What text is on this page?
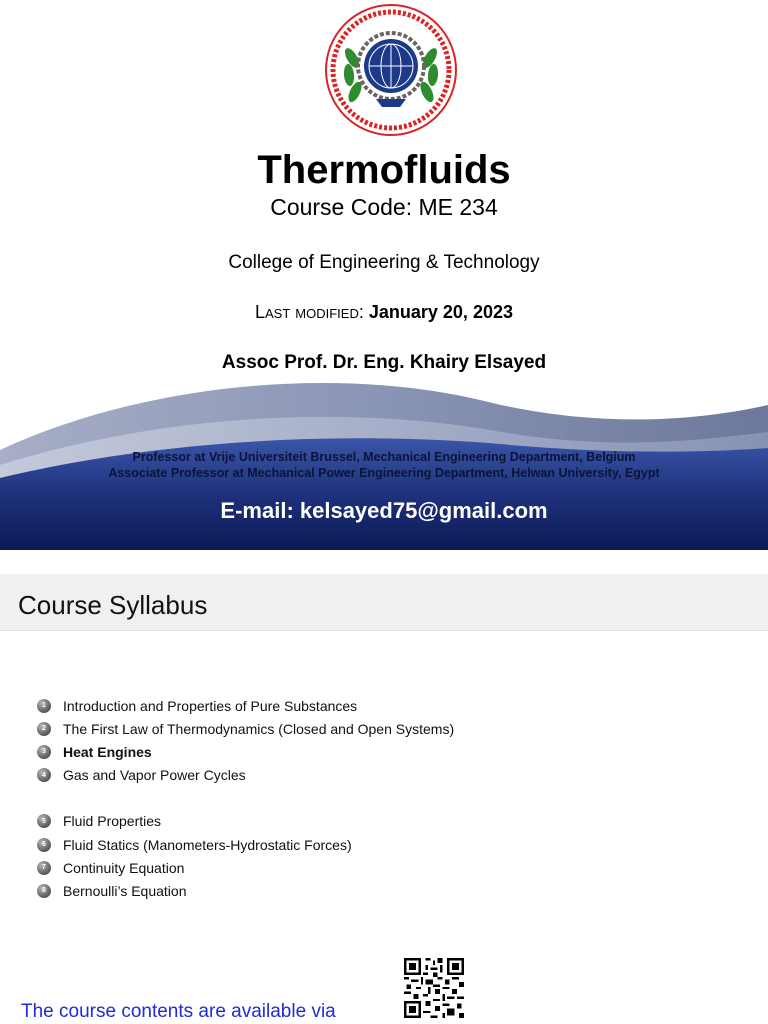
Thermofluids
Course Code: ME 234
College of Engineering & Technology
Last modified: January 20, 2023
Assoc Prof. Dr. Eng. Khairy Elsayed
Professor at Vrije Universiteit Brussel, Mechanical Engineering Department, Belgium
Associate Professor at Mechanical Power Engineering Department, Helwan University, Egypt
E-mail: kelsayed75@gmail.com
Course Syllabus
1	Introduction and Properties of Pure Substances
2	The First Law of Thermodynamics (Closed and Open Systems)
3	Heat Engines
4	Gas and Vapor Power Cycles
5	Fluid Properties
6	Fluid Statics (Manometers-Hydrostatic Forces)
7	Continuity Equation
8	Bernoulli’s Equation
The course contents are available via
